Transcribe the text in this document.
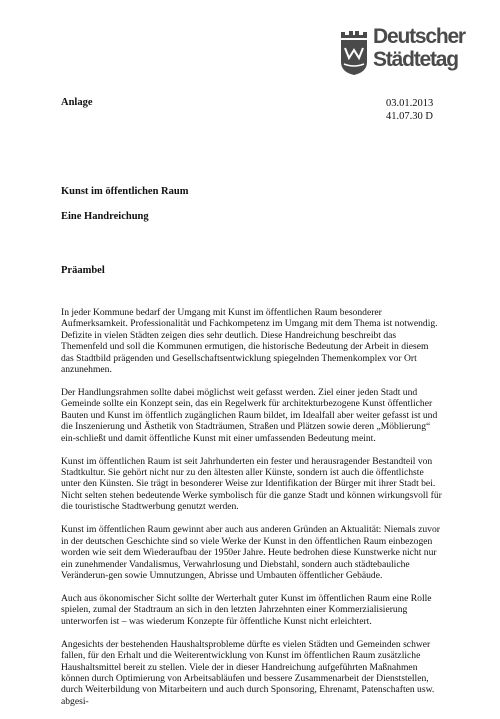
Deutscher
Städtetag
Anlage	03.01.2013
41.07.30 D
Kunst im öffentlichen Raum
Eine Handreichung
Präambel

In jeder Kommune bedarf der Umgang mit Kunst im öffentlichen Raum besonderer Aufmerksamkeit. Professionalität und Fachkompetenz im Umgang mit dem Thema ist notwendig. Defizite in vielen Städten zeigen dies sehr deutlich. Diese Handreichung beschreibt das Themenfeld und soll die Kommunen ermutigen, die historische Bedeutung der Arbeit in diesem das Stadtbild prägenden und Gesellschaftsentwicklung spiegelnden Themenkomplex vor Ort anzunehmen.

Der Handlungsrahmen sollte dabei möglichst weit gefasst werden. Ziel einer jeden Stadt und Gemeinde sollte ein Konzept sein, das ein Regelwerk für architekturbezogene Kunst öffentlicher Bauten und Kunst im öffentlich zugänglichen Raum bildet, im Idealfall aber weiter gefasst ist und die Inszenierung und Ästhetik von Stadträumen, Straßen und Plätzen sowie deren „Möblierung“ ein-schließt und damit öffentliche Kunst mit einer umfassenden Bedeutung meint.

Kunst im öffentlichen Raum ist seit Jahrhunderten ein fester und herausragender Bestandteil von Stadtkultur. Sie gehört nicht nur zu den ältesten aller Künste, sondern ist auch die öffentlichste unter den Künsten. Sie trägt in besonderer Weise zur Identifikation der Bürger mit ihrer Stadt bei. Nicht selten stehen bedeutende Werke symbolisch für die ganze Stadt und können wirkungsvoll für die touristische Stadtwerbung genutzt werden.

Kunst im öffentlichen Raum gewinnt aber auch aus anderen Gründen an Aktualität: Niemals zuvor in der deutschen Geschichte sind so viele Werke der Kunst in den öffentlichen Raum einbezogen worden wie seit dem Wiederaufbau der 1950er Jahre. Heute bedrohen diese Kunstwerke nicht nur ein zunehmender Vandalismus, Verwahrlosung und Diebstahl, sondern auch städtebauliche Veränderun-gen sowie Umnutzungen, Abrisse und Umbauten öffentlicher Gebäude.

Auch aus ökonomischer Sicht sollte der Werterhalt guter Kunst im öffentlichen Raum eine Rolle spielen, zumal der Stadtraum an sich in den letzten Jahrzehnten einer Kommerzialisierung unterworfen ist – was wiederum Konzepte für öffentliche Kunst nicht erleichtert.

Angesichts der bestehenden Haushaltsprobleme dürfte es vielen Städten und Gemeinden schwer fallen, für den Erhalt und die Weiterentwicklung von Kunst im öffentlichen Raum zusätzliche Haushaltsmittel bereit zu stellen. Viele der in dieser Handreichung aufgeführten Maßnahmen können durch Optimierung von Arbeitsabläufen und bessere Zusammenarbeit der Dienststellen, durch Weiterbildung von Mitarbeitern und auch durch Sponsoring, Ehrenamt, Patenschaften usw. abgesi-
